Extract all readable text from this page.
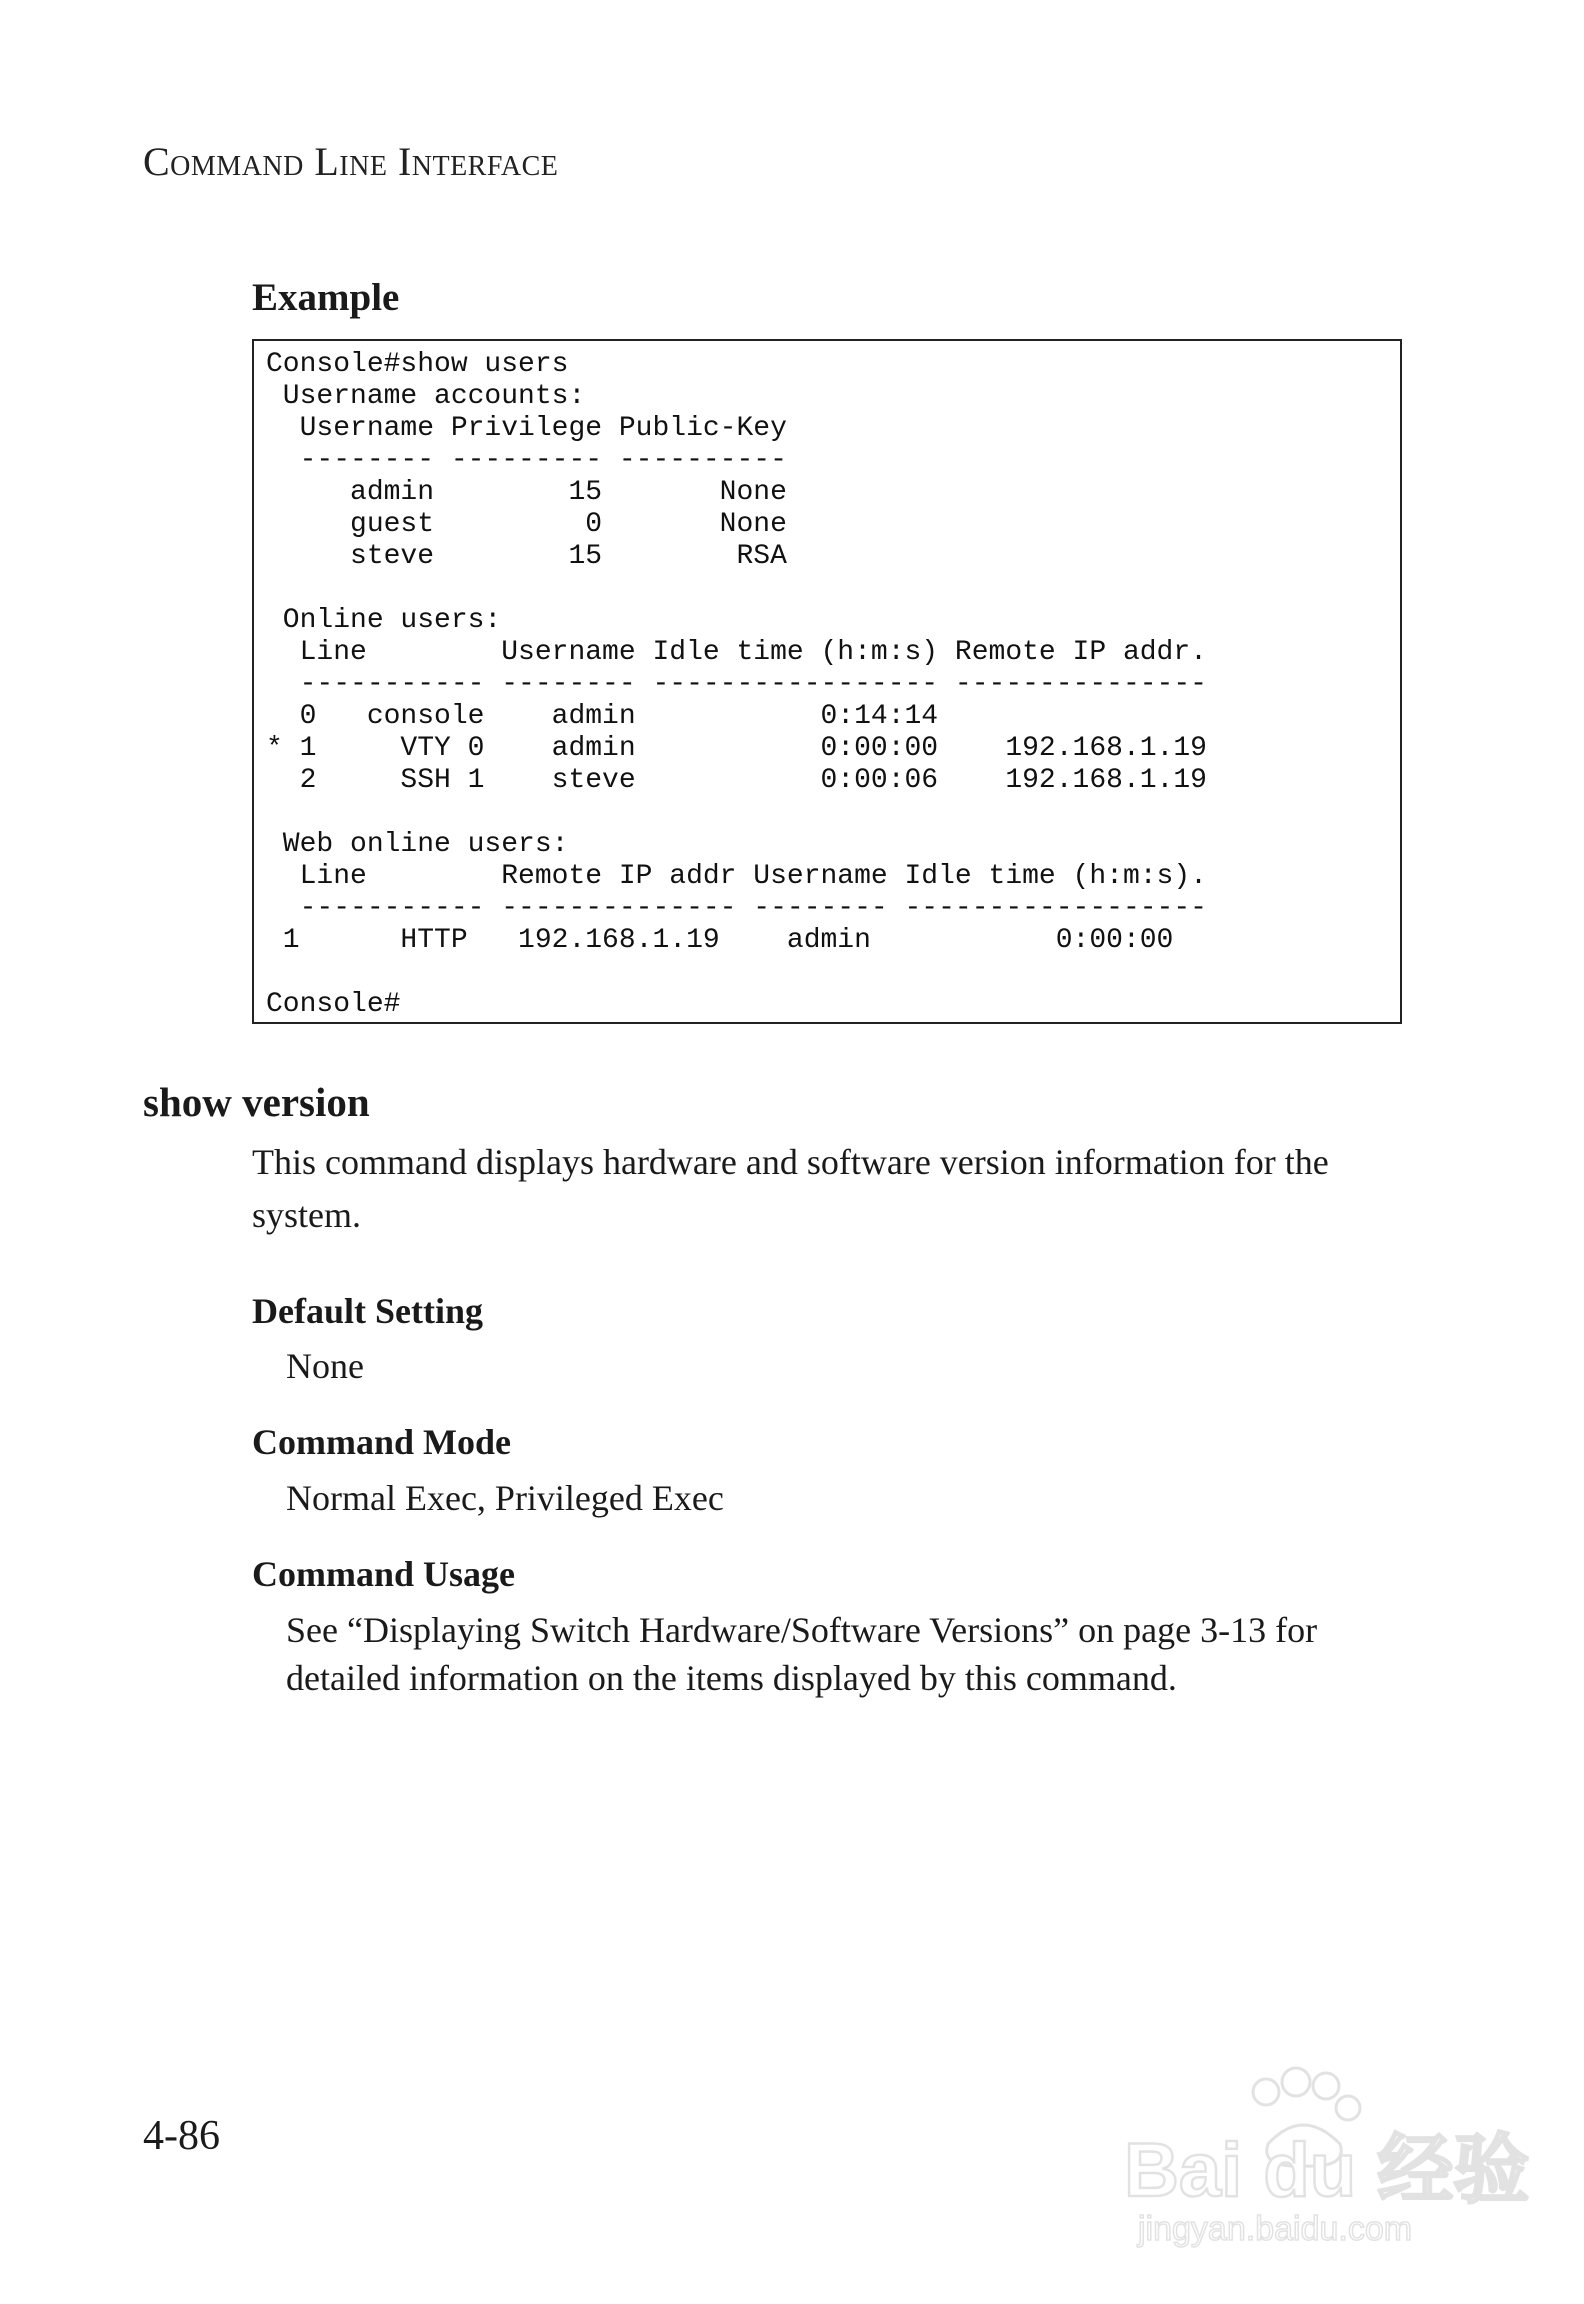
Command Line Interface
Example
Console#show users
Username accounts:
Username Privilege Public-Key
-------- --------- ----------
admin        15       None
guest         0       None
steve        15        RSA

Online users:
Line        Username Idle time (h:m:s) Remote IP addr.
----------- -------- ----------------- ---------------
0   console    admin           0:14:14
* 1     VTY 0    admin           0:00:00    192.168.1.19
2     SSH 1    steve           0:00:06    192.168.1.19

Web online users:
Line        Remote IP addr Username Idle time (h:m:s).
----------- -------------- -------- ------------------
1      HTTP   192.168.1.19    admin           0:00:00

Console#
show version

This command displays hardware and software version information for the system.

Default Setting

None

Command Mode

Normal Exec, Privileged Exec

Command Usage

See “Displaying Switch Hardware/Software Versions” on page 3-13 for detailed information on the items displayed by this command.

4-86	Bai du 经验
jingyan.baidu.com
